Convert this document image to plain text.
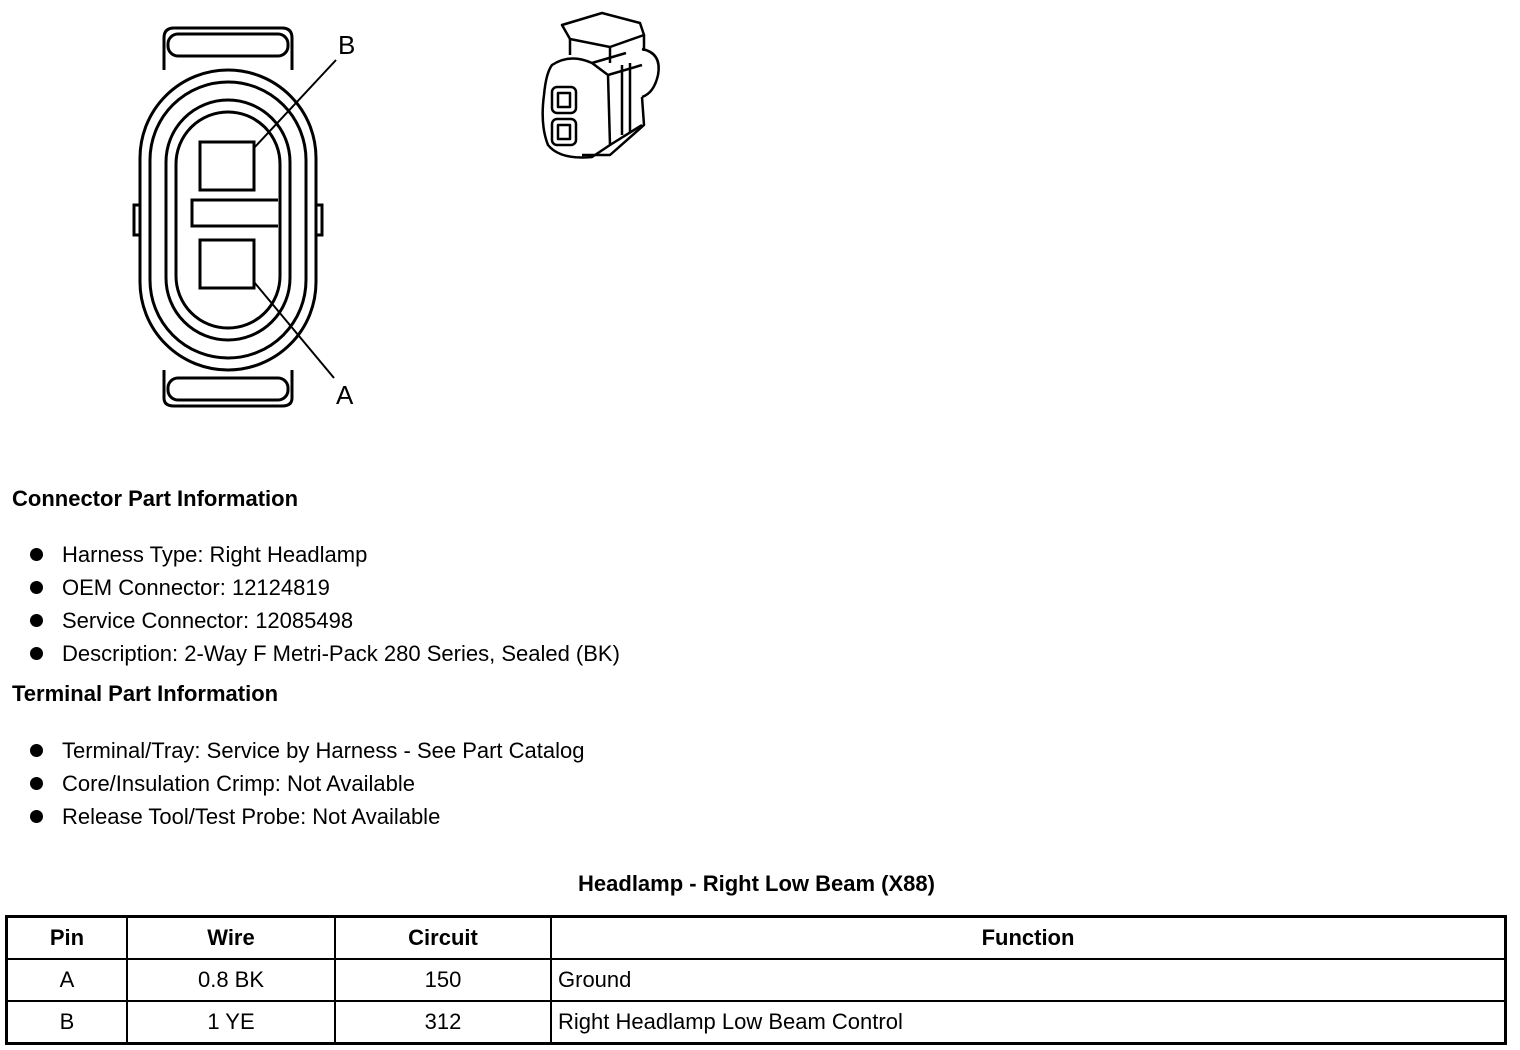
B
A
Connector Part Information
Harness Type: Right Headlamp
OEM Connector: 12124819
Service Connector: 12085498
Description: 2-Way F Metri-Pack 280 Series, Sealed (BK)
Terminal Part Information
Terminal/Tray: Service by Harness - See Part Catalog
Core/Insulation Crimp: Not Available
Release Tool/Test Probe: Not Available
Headlamp - Right Low Beam (X88)
Pin	Wire	Circuit	Function
A	0.8 BK	150	Ground
B	1 YE	312	Right Headlamp Low Beam Control
